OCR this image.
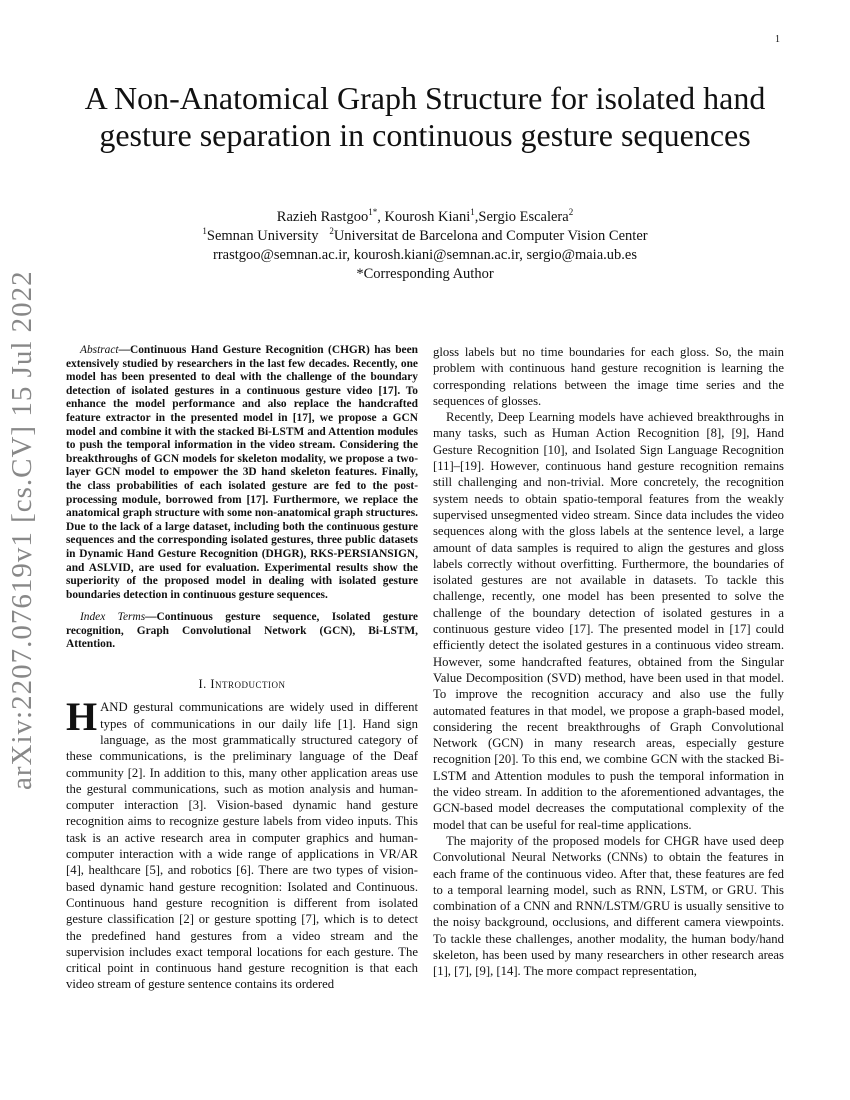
1
arXiv:2207.07619v1 [cs.CV] 15 Jul 2022
A Non-Anatomical Graph Structure for isolated hand gesture separation in continuous gesture sequences
Razieh Rastgoo$^{1*}$, Kourosh Kiani$^1$,Sergio Escalera$^2$
$^1$Semnan University $^2$Universitat de Barcelona and Computer Vision Center
rrastgoo@semnan.ac.ir, kourosh.kiani@semnan.ac.ir, sergio@maia.ub.es
*Corresponding Author

Abstract—Continuous Hand Gesture Recognition (CHGR) has been extensively studied by researchers in the last few decades. Recently, one model has been presented to deal with the challenge of the boundary detection of isolated gestures in a continuous gesture video [17]. To enhance the model performance and also replace the handcrafted feature extractor in the presented model in [17], we propose a GCN model and combine it with the stacked Bi-LSTM and Attention modules to push the temporal information in the video stream. Considering the breakthroughs of GCN models for skeleton modality, we propose a two-layer GCN model to empower the 3D hand skeleton features. Finally, the class probabilities of each isolated gesture are fed to the post-processing module, borrowed from [17]. Furthermore, we replace the anatomical graph structure with some non-anatomical graph structures. Due to the lack of a large dataset, including both the continuous gesture sequences and the corresponding isolated gestures, three public datasets in Dynamic Hand Gesture Recognition (DHGR), RKS-PERSIANSIGN, and ASLVID, are used for evaluation. Experimental results show the superiority of the proposed model in dealing with isolated gesture boundaries detection in continuous gesture sequences.

Index Terms—Continuous gesture sequence, Isolated gesture recognition, Graph Convolutional Network (GCN), Bi-LSTM, Attention.

I. Introduction

HAND gestural communications are widely used in different types of communications in our daily life [1]. Hand sign language, as the most grammatically structured category of these communications, is the preliminary language of the Deaf community [2]. In addition to this, many other application areas use the gestural communications, such as motion analysis and human-computer interaction [3]. Vision-based dynamic hand gesture recognition aims to recognize gesture labels from video inputs. This task is an active research area in computer graphics and human-computer interaction with a wide range of applications in VR/AR [4], healthcare [5], and robotics [6]. There are two types of vision-based dynamic hand gesture recognition: Isolated and Continuous. Continuous hand gesture recognition is different from isolated gesture classification [2] or gesture spotting [7], which is to detect the predefined hand gestures from a video stream and the supervision includes exact temporal locations for each gesture. The critical point in continuous hand gesture recognition is that each video stream of gesture sentence contains its ordered

gloss labels but no time boundaries for each gloss. So, the main problem with continuous hand gesture recognition is learning the corresponding relations between the image time series and the sequences of glosses.

Recently, Deep Learning models have achieved breakthroughs in many tasks, such as Human Action Recognition [8], [9], Hand Gesture Recognition [10], and Isolated Sign Language Recognition [11]–[19]. However, continuous hand gesture recognition remains still challenging and non-trivial. More concretely, the recognition system needs to obtain spatio-temporal features from the weakly supervised unsegmented video stream. Since data includes the video sequences along with the gloss labels at the sentence level, a large amount of data samples is required to align the gestures and gloss labels correctly without overfitting. Furthermore, the boundaries of isolated gestures are not available in datasets. To tackle this challenge, recently, one model has been presented to solve the challenge of the boundary detection of isolated gestures in a continuous gesture video [17]. The presented model in [17] could efficiently detect the isolated gestures in a continuous video stream. However, some handcrafted features, obtained from the Singular Value Decomposition (SVD) method, have been used in that model. To improve the recognition accuracy and also use the fully automated features in that model, we propose a graph-based model, considering the recent breakthroughs of Graph Convolutional Network (GCN) in many research areas, especially gesture recognition [20]. To this end, we combine GCN with the stacked Bi-LSTM and Attention modules to push the temporal information in the video stream. In addition to the aforementioned advantages, the GCN-based model decreases the computational complexity of the model that can be useful for real-time applications.

The majority of the proposed models for CHGR have used deep Convolutional Neural Networks (CNNs) to obtain the features in each frame of the continuous video. After that, these features are fed to a temporal learning model, such as RNN, LSTM, or GRU. This combination of a CNN and RNN/LSTM/GRU is usually sensitive to the noisy background, occlusions, and different camera viewpoints. To tackle these challenges, another modality, the human body/hand skeleton, has been used by many researchers in other research areas [1], [7], [9], [14]. The more compact representation,
